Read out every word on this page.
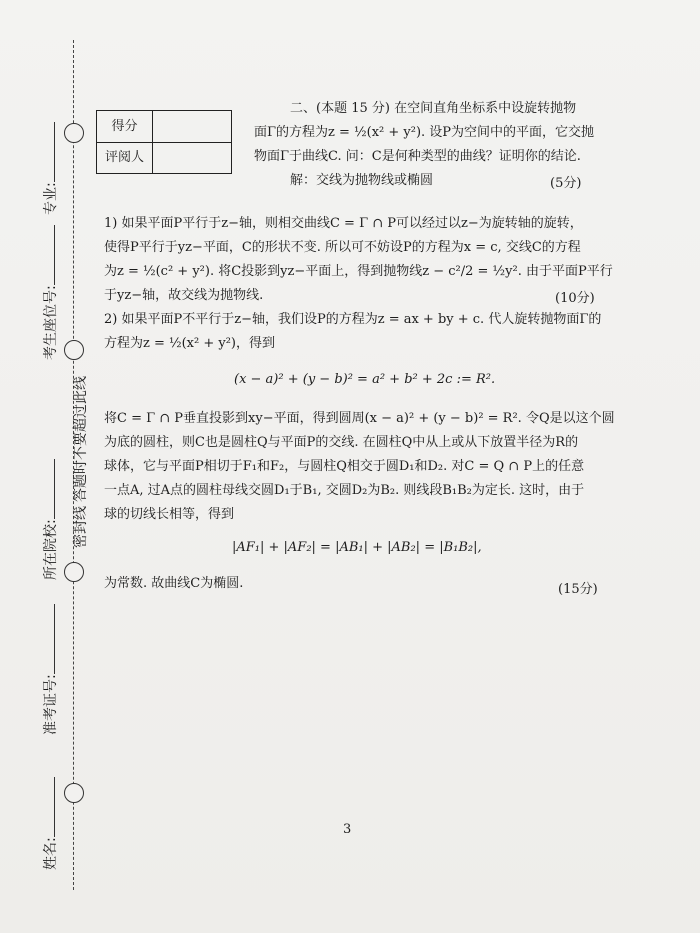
密封线
答题时不要超过此线
专业:
考生座位号:
所在院校:
准考证号:
姓名:
得分
评阅人
二、(本题 15 分) 在空间直角坐标系中设旋转抛物
面Γ的方程为z = ½(x² + y²). 设P为空间中的平面，它交抛
物面Γ于曲线C. 问：C是何种类型的曲线？证明你的结论.
解：交线为抛物线或椭圆	(5分)
1) 如果平面P平行于z−轴，则相交曲线C = Γ ∩ P可以经过以z−为旋转轴的旋转，
使得P平行于yz−平面，C的形状不变. 所以可不妨设P的方程为x = c, 交线C的方程
为z = ½(c² + y²). 将C投影到yz−平面上，得到抛物线z − c²/2 = ½y². 由于平面P平行
于yz−轴，故交线为抛物线.	(10分)
2) 如果平面P不平行于z−轴，我们设P的方程为z = ax + by + c. 代人旋转抛物面Γ的
方程为z = ½(x² + y²)，得到
(x − a)² + (y − b)² = a² + b² + 2c := R².
将C = Γ ∩ P垂直投影到xy−平面，得到圆周(x − a)² + (y − b)² = R². 令Q是以这个圆
为底的圆柱，则C也是圆柱Q与平面P的交线. 在圆柱Q中从上或从下放置半径为R的
球体，它与平面P相切于F₁和F₂，与圆柱Q相交于圆D₁和D₂. 对C = Q ∩ P上的任意
一点A, 过A点的圆柱母线交圆D₁于B₁, 交圆D₂为B₂. 则线段B₁B₂为定长. 这时，由于
球的切线长相等，得到
|AF₁| + |AF₂| = |AB₁| + |AB₂| = |B₁B₂|,
为常数. 故曲线C为椭圆.	(15分)
3
